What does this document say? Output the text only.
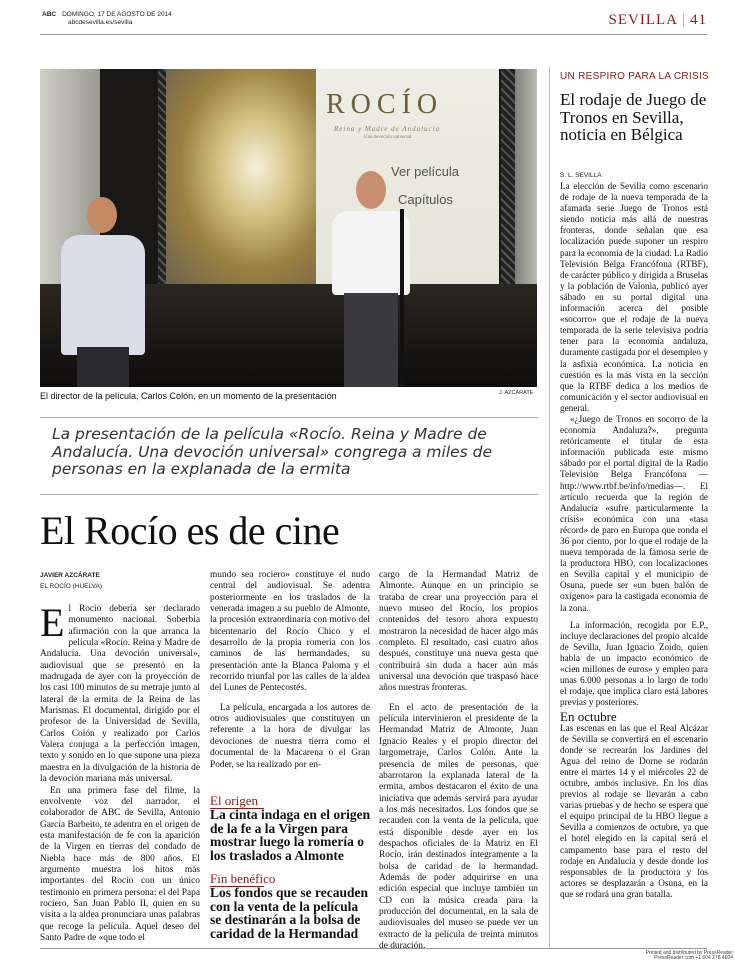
ABC DOMINGO, 17 DE AGOSTO DE 2014
abcdesevilla.es/sevilla	SEVILLA | 41
ROCÍO
Reina y Madre de Andalucía
Una devoción universal
Ver película
Capítulos
El director de la película, Carlos Colón, en un momento de la presentación	J. AZCÁRATE
La presentación de la película «Rocío. Reina y Madre de Andalucía. Una devoción universal» congrega a miles de personas en la explanada de la ermita
El Rocío es de cine
JAVIER AZCÁRATE
EL ROCÍO (HUELVA)

El Rocío debería ser declarado monumento nacional. Soberbia afirmación con la que arranca la película «Rocío. Reina y Madre de Andalucía. Una devoción universal», audiovisual que se presentó en la madrugada de ayer con la proyección de los casi 100 minutos de su metraje junto al lateral de la ermita de la Reina de las Marismas. El documental, dirigido por el profesor de la Universidad de Sevilla, Carlos Colón y realizado por Carlos Valera conjuga a la perfección imagen, texto y sonido en lo que supone una pieza maestra en la divulgación de la historia de la devoción mariana más universal.

En una primera fase del filme, la envolvente voz del narrador, el colaborador de ABC de Sevilla, Antonio García Barbeito, te adentra en el origen de esta manifestación de fe con la aparición de la Virgen en tierras del condado de Niebla hace más de 800 años. El argumento muestra los hitos más importantes del Rocío con un único testimonio en primera persona: el del Papa rociero, San Juan Pablo II, quien en su visita a la aldea pronunciara unas palabras que recoge la película. Aquel deseo del Santo Padre de «que todo el

mundo sea rociero» constituye el nudo central del audiovisual. Se adentra posteriormente en los traslados de la venerada imagen a su pueblo de Almonte, la procesión extraordinaria con motivo del bicentenario del Rocío Chico y el desarrollo de la propia romería con los caminos de las hermandades, su presentación ante la Blanca Paloma y el recorrido triunfal por las calles de la aldea del Lunes de Pentecostés.

La película, encargada a los autores de otros audiovisuales que constituyen un referente a la hora de divulgar las devociones de nuestra tierra como el documental de la Macarena o el Gran Poder, se ha realizado por en-

El origen
La cinta indaga en el origen de la fe a la Virgen para mostrar luego la romería o los traslados a Almonte
Fin benéfico
Los fondos que se recauden con la venta de la película se destinarán a la bolsa de caridad de la Hermandad

cargo de la Hermandad Matriz de Almonte. Aunque en un principio se trataba de crear una proyección para el nuevo museo del Rocío, los propios contenidos del tesoro ahora expuesto mostraron la necesidad de hacer algo más completo. El resultado, casi cuatro años después, constituye una nueva gesta que contribuirá sin duda a hacer aún más universal una devoción que traspasó hace años nuestras fronteras.

En el acto de presentación de la película intervinieron el presidente de la Hermandad Matriz de Almonte, Juan Ignacio Reales y el propio director del largometraje, Carlos Colón. Ante la presencia de miles de personas, que abarrotaron la explanada lateral de la ermita, ambos destacaron el éxito de una iniciativa que además servirá para ayudar a los más necesitados. Los fondos que se recauden con la venta de la película, que está disponible desde ayer en los despachos oficiales de la Matriz en El Rocío, irán destinados íntegramente a la bolsa de caridad de la hermandad. Además de poder adquirirse en una edición especial que incluye también un CD con la música creada para la producción del documental, en la sala de audiovisuales del museo se puede ver un extracto de la película de treinta minutos de duración.

UN RESPIRO PARA LA CRISIS
El rodaje de Juego de Tronos en Sevilla, noticia en Bélgica
S. L. SEVILLA

La elección de Sevilla como escenario de rodaje de la nueva temporada de la afamada serie Juego de Tronos está siendo noticia más allá de nuestras fronteras, donde señalan que esa localización puede suponer un respiro para la economía de la ciudad. La Radio Televisión Belga Francófona (RTBF), de carácter público y dirigida a Bruselas y la población de Valonia, publicó ayer sábado en su portal digital una información acerca del posible «socorro» que el rodaje de la nueva temporada de la serie televisiva podría tener para la economía andaluza, duramente castigada por el desempleo y la asfixia económica. La noticia en cuestión es la más vista en la sección que la RTBF dedica a los medios de comunicación y el sector audiovisual en general.

«¿Juego de Tronos en socorro de la economía Andaluza?», pregunta retóricamente el titular de esta información publicada este mismo sábado por el portal digital de la Radio Televisión Belga Francófona — http://www.rtbf.be/info/medias—. El artículo recuerda que la región de Andalucía «sufre particularmente la crisis» económica con una «tasa récord» de paro en Europa que ronda el 36 por ciento, por lo que el rodaje de la nueva temporada de la famosa serie de la productora HBO, con localizaciones en Sevilla capital y el municipio de Osuna, puede ser «un buen balón de oxígeno» para la castigada economía de la zona.

La información, recogida por E.P., incluye declaraciones del propio alcalde de Sevilla, Juan Ignacio Zoido, quien habla de un impacto económico de «cien millones de euros» y empleo para unas 6.000 personas a lo largo de todo el rodaje, que implica claro está labores previas y posteriores.

En octubre

Las escenas en las que el Real Alcázar de Sevilla se convertirá en el escenario donde se recrearán los Jardines del Agua del reino de Dorne se rodarán entre el martes 14 y el miércoles 22 de octubre, ambos inclusive. En los días previos al rodaje se llevarán a cabo varias pruebas y de hecho se espera que el equipo principal de la HBO llegue a Sevilla a comienzos de octubre, ya que el hotel elegido en la capital será el campamento base para el resto del rodaje en Andalucía y desde donde los responsables de la productora y los actores se desplazarán a Osuna, en la que se rodará una gran batalla.

Printed and distributed by PressReader
PressReader.com +1 604 278 4604
